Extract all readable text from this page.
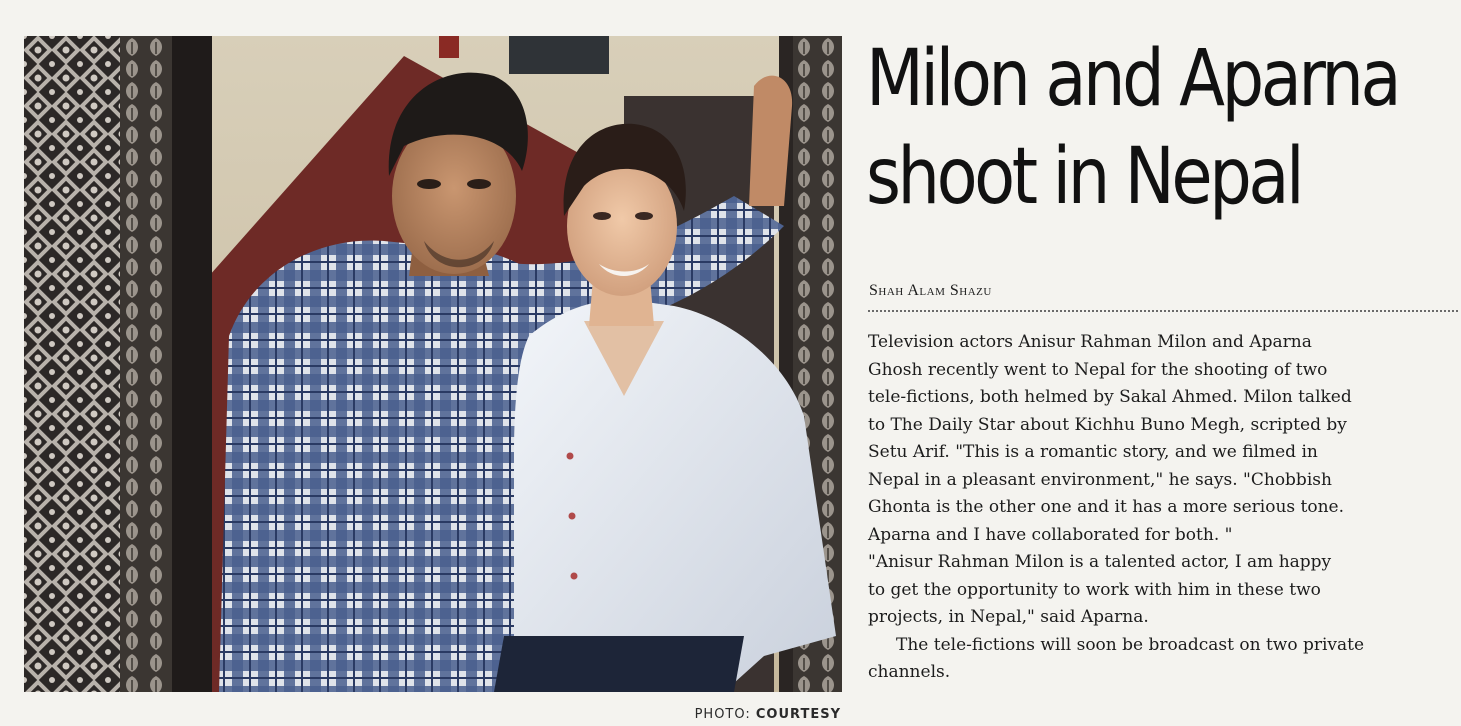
PHOTO: COURTESY
Milon and Aparna
shoot in Nepal
Shah Alam Shazu

Television actors Anisur Rahman Milon and Aparna
Ghosh recently went to Nepal for the shooting of two
tele-fictions, both helmed by Sakal Ahmed. Milon talked
to The Daily Star about Kichhu Buno Megh, scripted by
Setu Arif. "This is a romantic story, and we filmed in
Nepal in a pleasant environment," he says. "Chobbish
Ghonta is the other one and it has a more serious tone.
Aparna and I have collaborated for both. "

"Anisur Rahman Milon is a talented actor, I am happy
to get the opportunity to work with him in these two
projects, in Nepal," said Aparna.

The tele-fictions will soon be broadcast on two private
channels.
